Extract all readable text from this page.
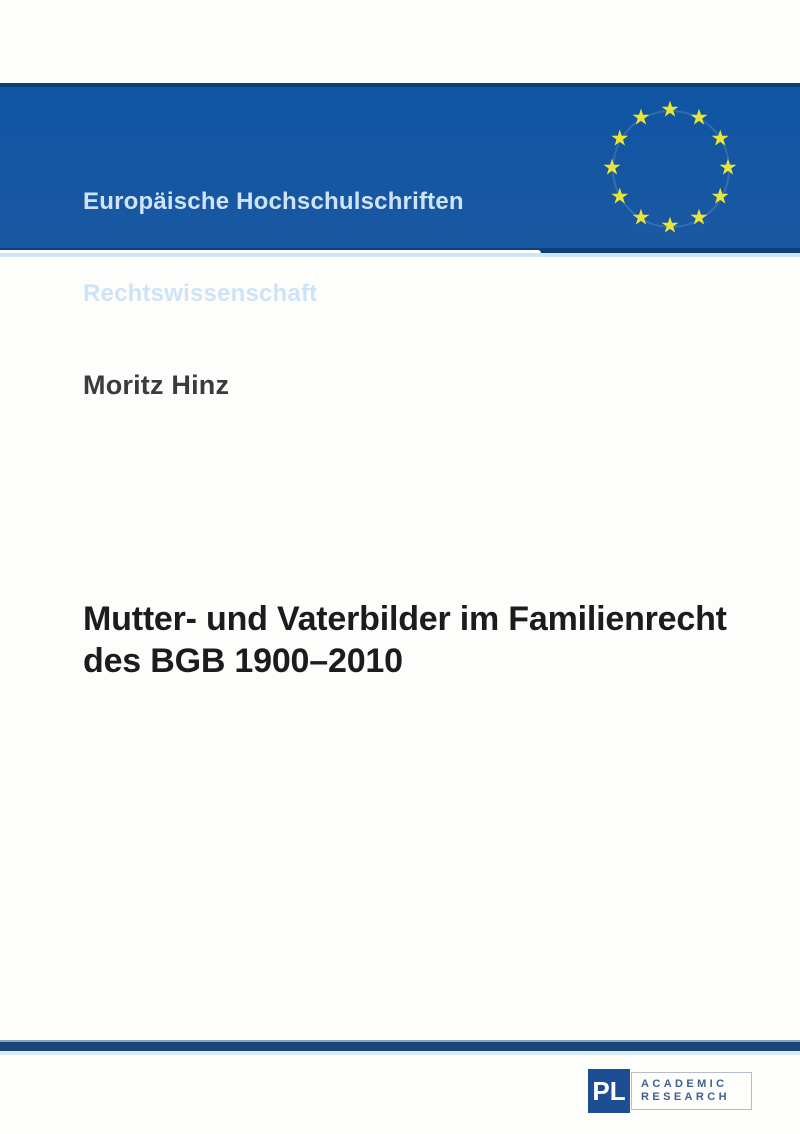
Europäische Hochschulschriften
Rechtswissenschaft
★ ★
★
★
★
★
★
★
★
★
★
★
Moritz Hinz
Mutter- und Vaterbilder im Familienrecht
des BGB 1900–2010
PL	ACADEMIC
RESEARCH
